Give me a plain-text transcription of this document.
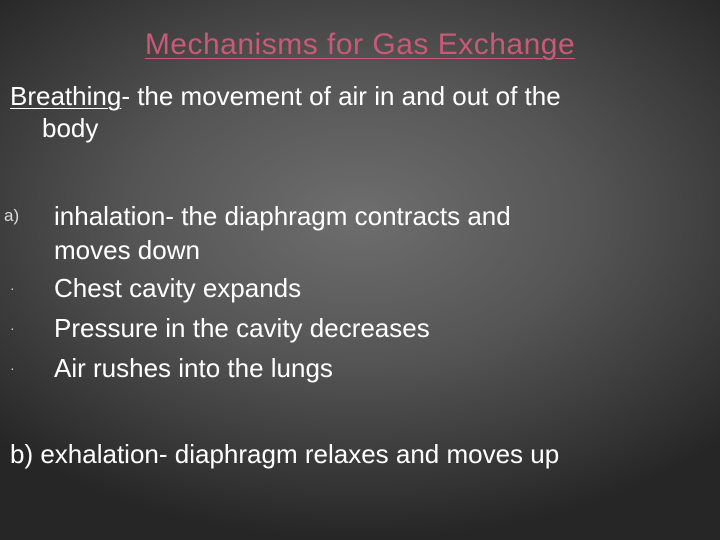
Mechanisms for Gas Exchange
Breathing- the movement of air in and out of the
body
a) inhalation- the diaphragm contracts and
moves down
· Chest cavity expands
· Pressure in the cavity decreases
· Air rushes into the lungs
b) exhalation- diaphragm relaxes and moves up
